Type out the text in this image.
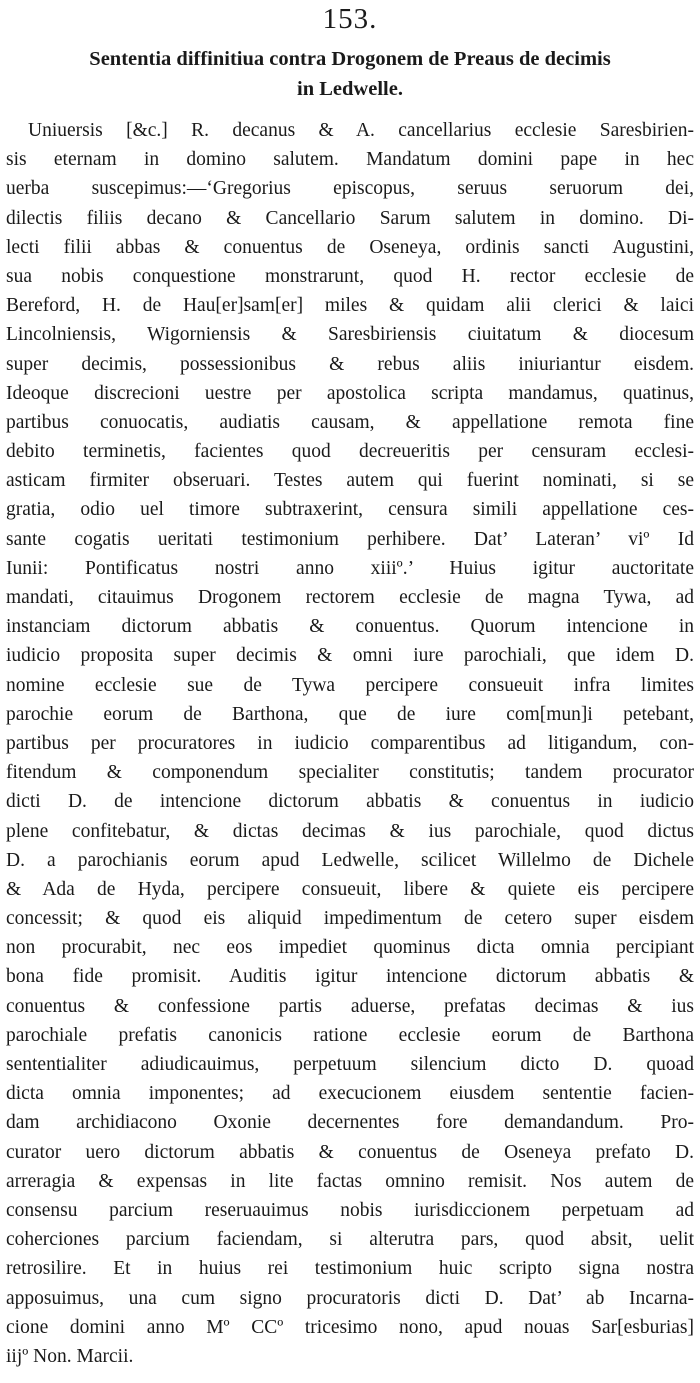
153.
Sententia diffinitiua contra Drogonem de Preaus de decimis
in Ledwelle.
Uniuersis [&c.] R. decanus & A. cancellarius ecclesie Saresbirien-
sis eternam in domino salutem. Mandatum domini pape in hec
uerba suscepimus:—‘Gregorius episcopus, seruus seruorum dei,
dilectis filiis decano & Cancellario Sarum salutem in domino. Di-
lecti filii abbas & conuentus de Oseneya, ordinis sancti Augustini,
sua nobis conquestione monstrarunt, quod H. rector ecclesie de
Bereford, H. de Hau[er]sam[er] miles & quidam alii clerici & laici
Lincolniensis, Wigorniensis & Saresbiriensis ciuitatum & diocesum
super decimis, possessionibus & rebus aliis iniuriantur eisdem.
Ideoque discrecioni uestre per apostolica scripta mandamus, quatinus,
partibus conuocatis, audiatis causam, & appellatione remota fine
debito terminetis, facientes quod decreueritis per censuram ecclesi-
asticam firmiter obseruari. Testes autem qui fuerint nominati, si se
gratia, odio uel timore subtraxerint, censura simili appellatione ces-
sante cogatis ueritati testimonium perhibere. Dat’ Lateran’ viº Id
Iunii: Pontificatus nostri anno xiiiº.’ Huius igitur auctoritate
mandati, citauimus Drogonem rectorem ecclesie de magna Tywa, ad
instanciam dictorum abbatis & conuentus. Quorum intencione in
iudicio proposita super decimis & omni iure parochiali, que idem D.
nomine ecclesie sue de Tywa percipere consueuit infra limites
parochie eorum de Barthona, que de iure com[mun]i petebant,
partibus per procuratores in iudicio comparentibus ad litigandum, con-
fitendum & componendum specialiter constitutis; tandem procurator
dicti D. de intencione dictorum abbatis & conuentus in iudicio
plene confitebatur, & dictas decimas & ius parochiale, quod dictus
D. a parochianis eorum apud Ledwelle, scilicet Willelmo de Dichele
& Ada de Hyda, percipere consueuit, libere & quiete eis percipere
concessit; & quod eis aliquid impedimentum de cetero super eisdem
non procurabit, nec eos impediet quominus dicta omnia percipiant
bona fide promisit. Auditis igitur intencione dictorum abbatis &
conuentus & confessione partis aduerse, prefatas decimas & ius
parochiale prefatis canonicis ratione ecclesie eorum de Barthona
sententialiter adiudicauimus, perpetuum silencium dicto D. quoad
dicta omnia imponentes; ad execucionem eiusdem sententie facien-
dam archidiacono Oxonie decernentes fore demandandum. Pro-
curator uero dictorum abbatis & conuentus de Oseneya prefato D.
arreragia & expensas in lite factas omnino remisit. Nos autem de
consensu parcium reseruauimus nobis iurisdiccionem perpetuam ad
coherciones parcium faciendam, si alterutra pars, quod absit, uelit
retrosilire. Et in huius rei testimonium huic scripto signa nostra
apposuimus, una cum signo procuratoris dicti D. Dat’ ab Incarna-
cione domini anno Mº CCº tricesimo nono, apud nouas Sar[esburias]
iijº Non. Marcii.
